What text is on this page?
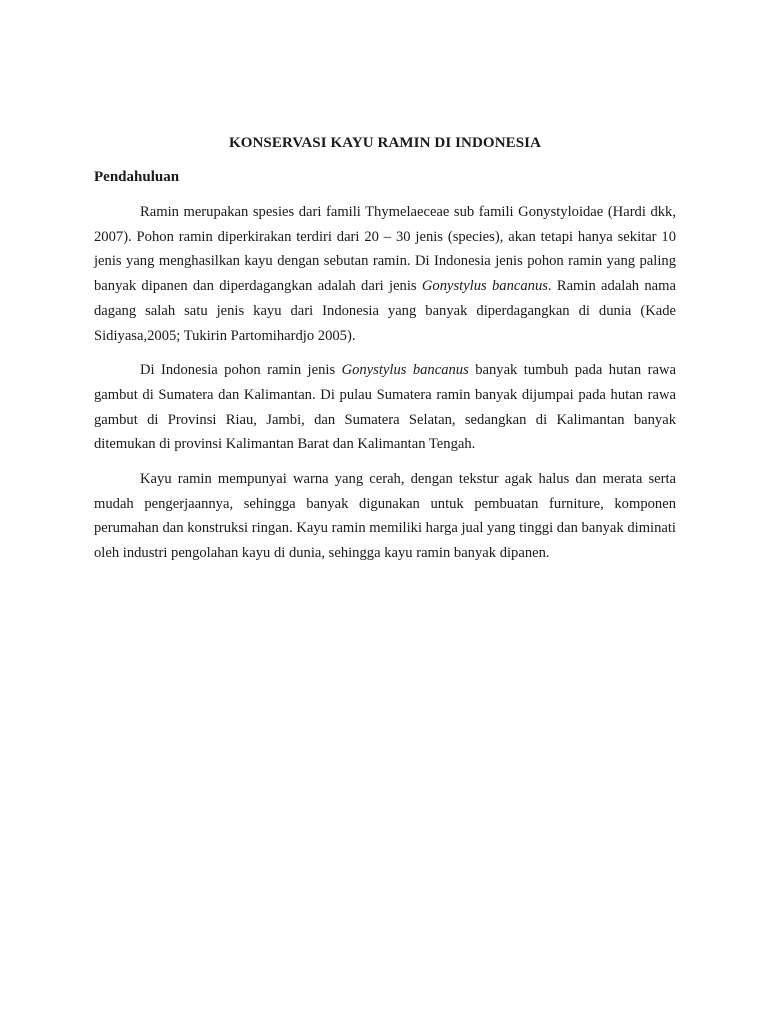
KONSERVASI KAYU RAMIN DI INDONESIA
Pendahuluan

Ramin merupakan spesies dari famili Thymelaeceae sub famili Gonystyloidae (Hardi dkk, 2007). Pohon ramin diperkirakan terdiri dari 20 – 30 jenis (species), akan tetapi hanya sekitar 10 jenis yang menghasilkan kayu dengan sebutan ramin. Di Indonesia jenis pohon ramin yang paling banyak dipanen dan diperdagangkan adalah dari jenis Gonystylus bancanus. Ramin adalah nama dagang salah satu jenis kayu dari Indonesia yang banyak diperdagangkan di dunia (Kade Sidiyasa,2005; Tukirin Partomihardjo 2005).

Di Indonesia pohon ramin jenis Gonystylus bancanus banyak tumbuh pada hutan rawa gambut di Sumatera dan Kalimantan. Di pulau Sumatera ramin banyak dijumpai pada hutan rawa gambut di Provinsi Riau, Jambi, dan Sumatera Selatan, sedangkan di Kalimantan banyak ditemukan di provinsi Kalimantan Barat dan Kalimantan Tengah.

Kayu ramin mempunyai warna yang cerah, dengan tekstur agak halus dan merata serta mudah pengerjaannya, sehingga banyak digunakan untuk pembuatan furniture, komponen perumahan dan konstruksi ringan. Kayu ramin memiliki harga jual yang tinggi dan banyak diminati oleh industri pengolahan kayu di dunia, sehingga kayu ramin banyak dipanen.
